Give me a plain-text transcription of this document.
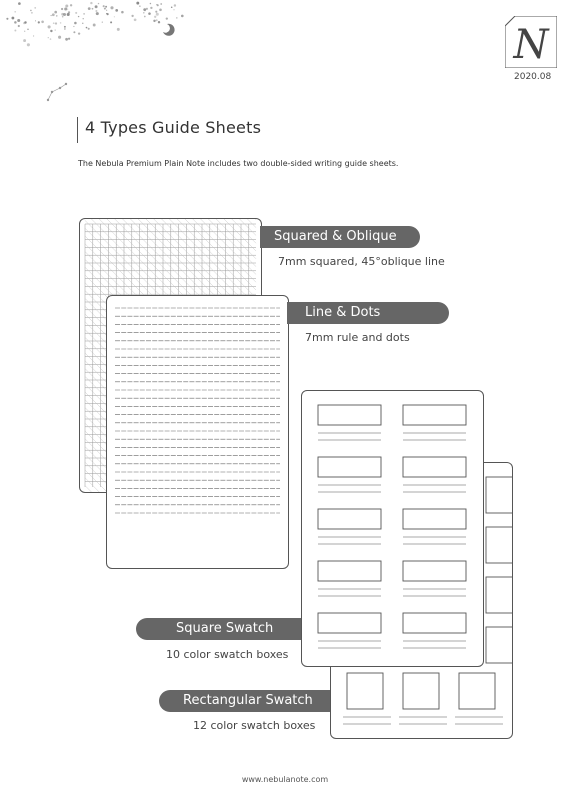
N
2020.08
4 Types Guide Sheets
The Nebula Premium Plain Note includes two double-sided writing guide sheets.
Squared & Oblique
7mm squared, 45°oblique line
Line & Dots
7mm rule and dots
Square Swatch
10 color swatch boxes
Rectangular Swatch
12 color swatch boxes
www.nebulanote.com
